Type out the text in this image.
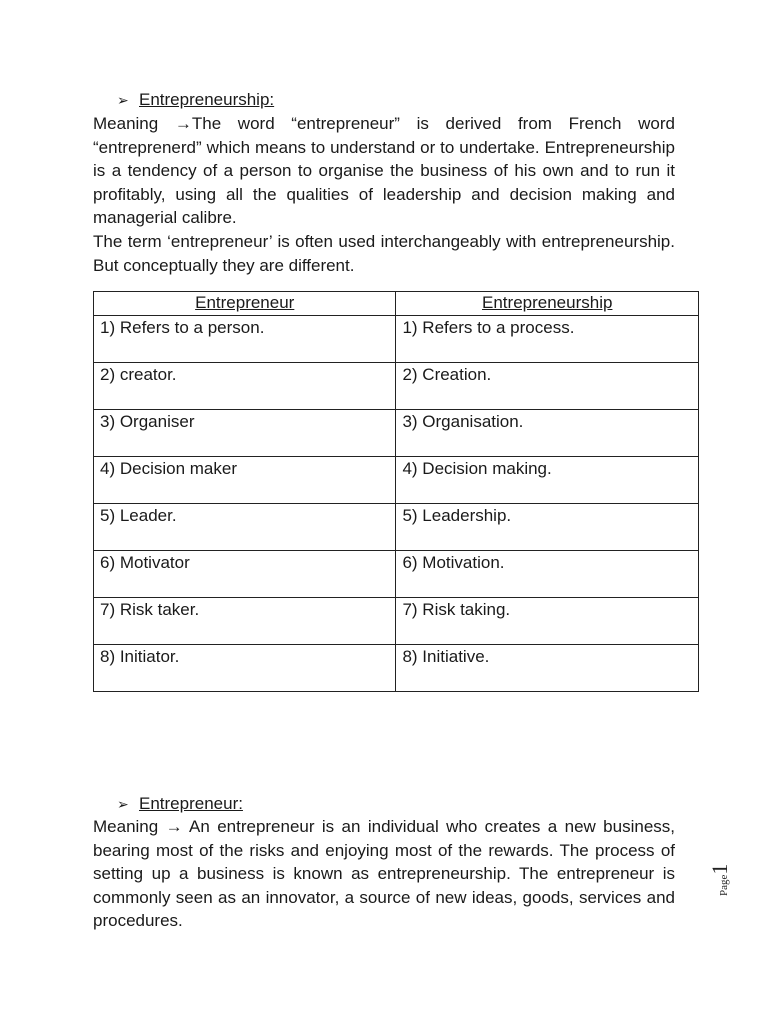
➢ Entrepreneurship:

Meaning →The word “entrepreneur” is derived from French word “entreprenerd” which means to understand or to undertake. Entrepreneurship is a tendency of a person to organise the business of his own and to run it profitably, using all the qualities of leadership and decision making and managerial calibre.

The term ‘entrepreneur’ is often used interchangeably with entrepreneurship. But conceptually they are different.

Entrepreneur	Entrepreneurship
1) Refers to a person.	1) Refers to a process.
2) creator.	2) Creation.
3) Organiser	3) Organisation.
4) Decision maker	4) Decision making.
5) Leader.	5) Leadership.
6) Motivator	6) Motivation.
7) Risk taker.	7) Risk taking.
8) Initiator.	8) Initiative.
➢ Entrepreneur:

Meaning → An entrepreneur is an individual who creates a new business, bearing most of the risks and enjoying most of the rewards. The process of setting up a business is known as entrepreneurship. The entrepreneur is commonly seen as an innovator, a source of new ideas, goods, services and procedures.

Page1
